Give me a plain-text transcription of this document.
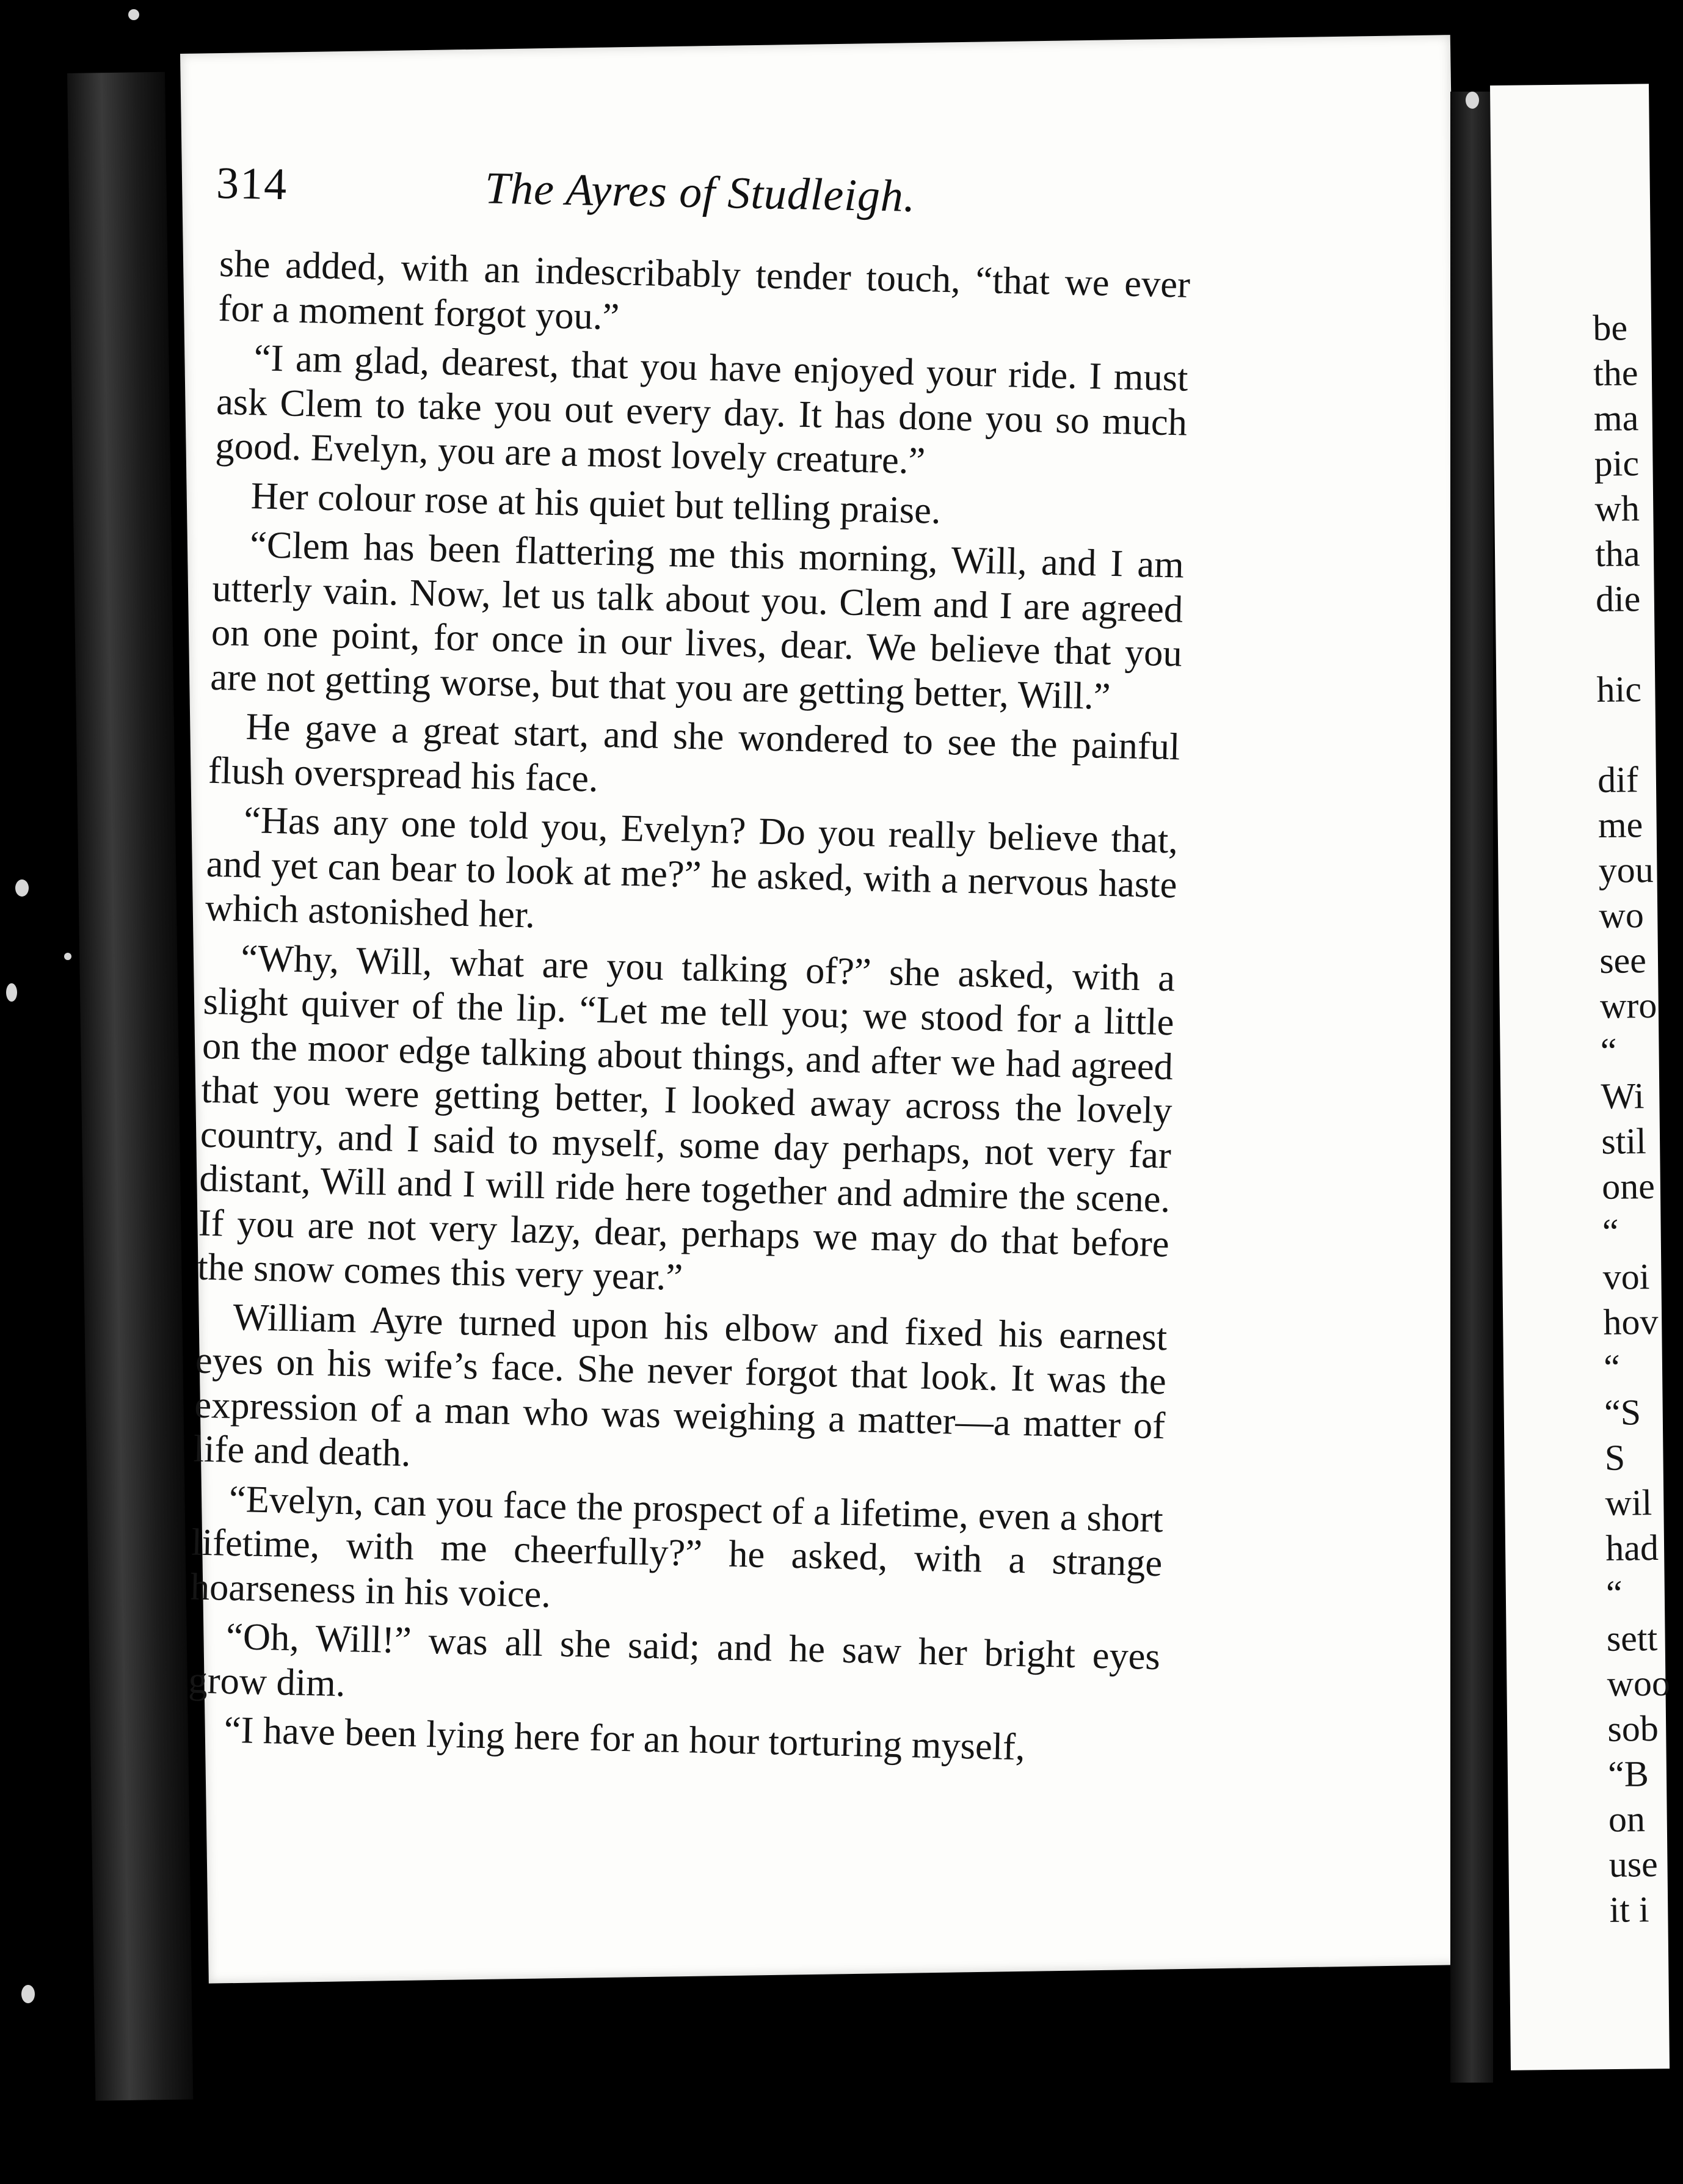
314	The Ayres of Studleigh.

she added, with an indescribably tender touch, “that we ever for a moment forgot you.”

“I am glad, dearest, that you have enjoyed your ride. I must ask Clem to take you out every day. It has done you so much good. Evelyn, you are a most lovely creature.”

Her colour rose at his quiet but telling praise.

“Clem has been flattering me this morning, Will, and I am utterly vain. Now, let us talk about you. Clem and I are agreed on one point, for once in our lives, dear. We believe that you are not getting worse, but that you are getting better, Will.”

He gave a great start, and she wondered to see the painful flush overspread his face.

“Has any one told you, Evelyn? Do you really believe that, and yet can bear to look at me?” he asked, with a nervous haste which astonished her.

“Why, Will, what are you talking of?” she asked, with a slight quiver of the lip. “Let me tell you; we stood for a little on the moor edge talking about things, and after we had agreed that you were getting better, I looked away across the lovely country, and I said to myself, some day perhaps, not very far distant, Will and I will ride here together and admire the scene. If you are not very lazy, dear, perhaps we may do that before the snow comes this very year.”

William Ayre turned upon his elbow and fixed his earnest eyes on his wife’s face. She never forgot that look. It was the expression of a man who was weighing a matter—a matter of life and death.

“Evelyn, can you face the prospect of a lifetime, even a short lifetime, with me cheerfully?” he asked, with a strange hoarseness in his voice.

“Oh, Will!” was all she said; and he saw her bright eyes grow dim.

“I have been lying here for an hour torturing myself,

be
the
ma
pic
wh
tha
die
hic
dif
me
you
wo
see
wro
“
Wi
stil
one
“
voi
hov
“
“S
S
wil
had
“
sett
woo
sob
“B
on
use
it i
